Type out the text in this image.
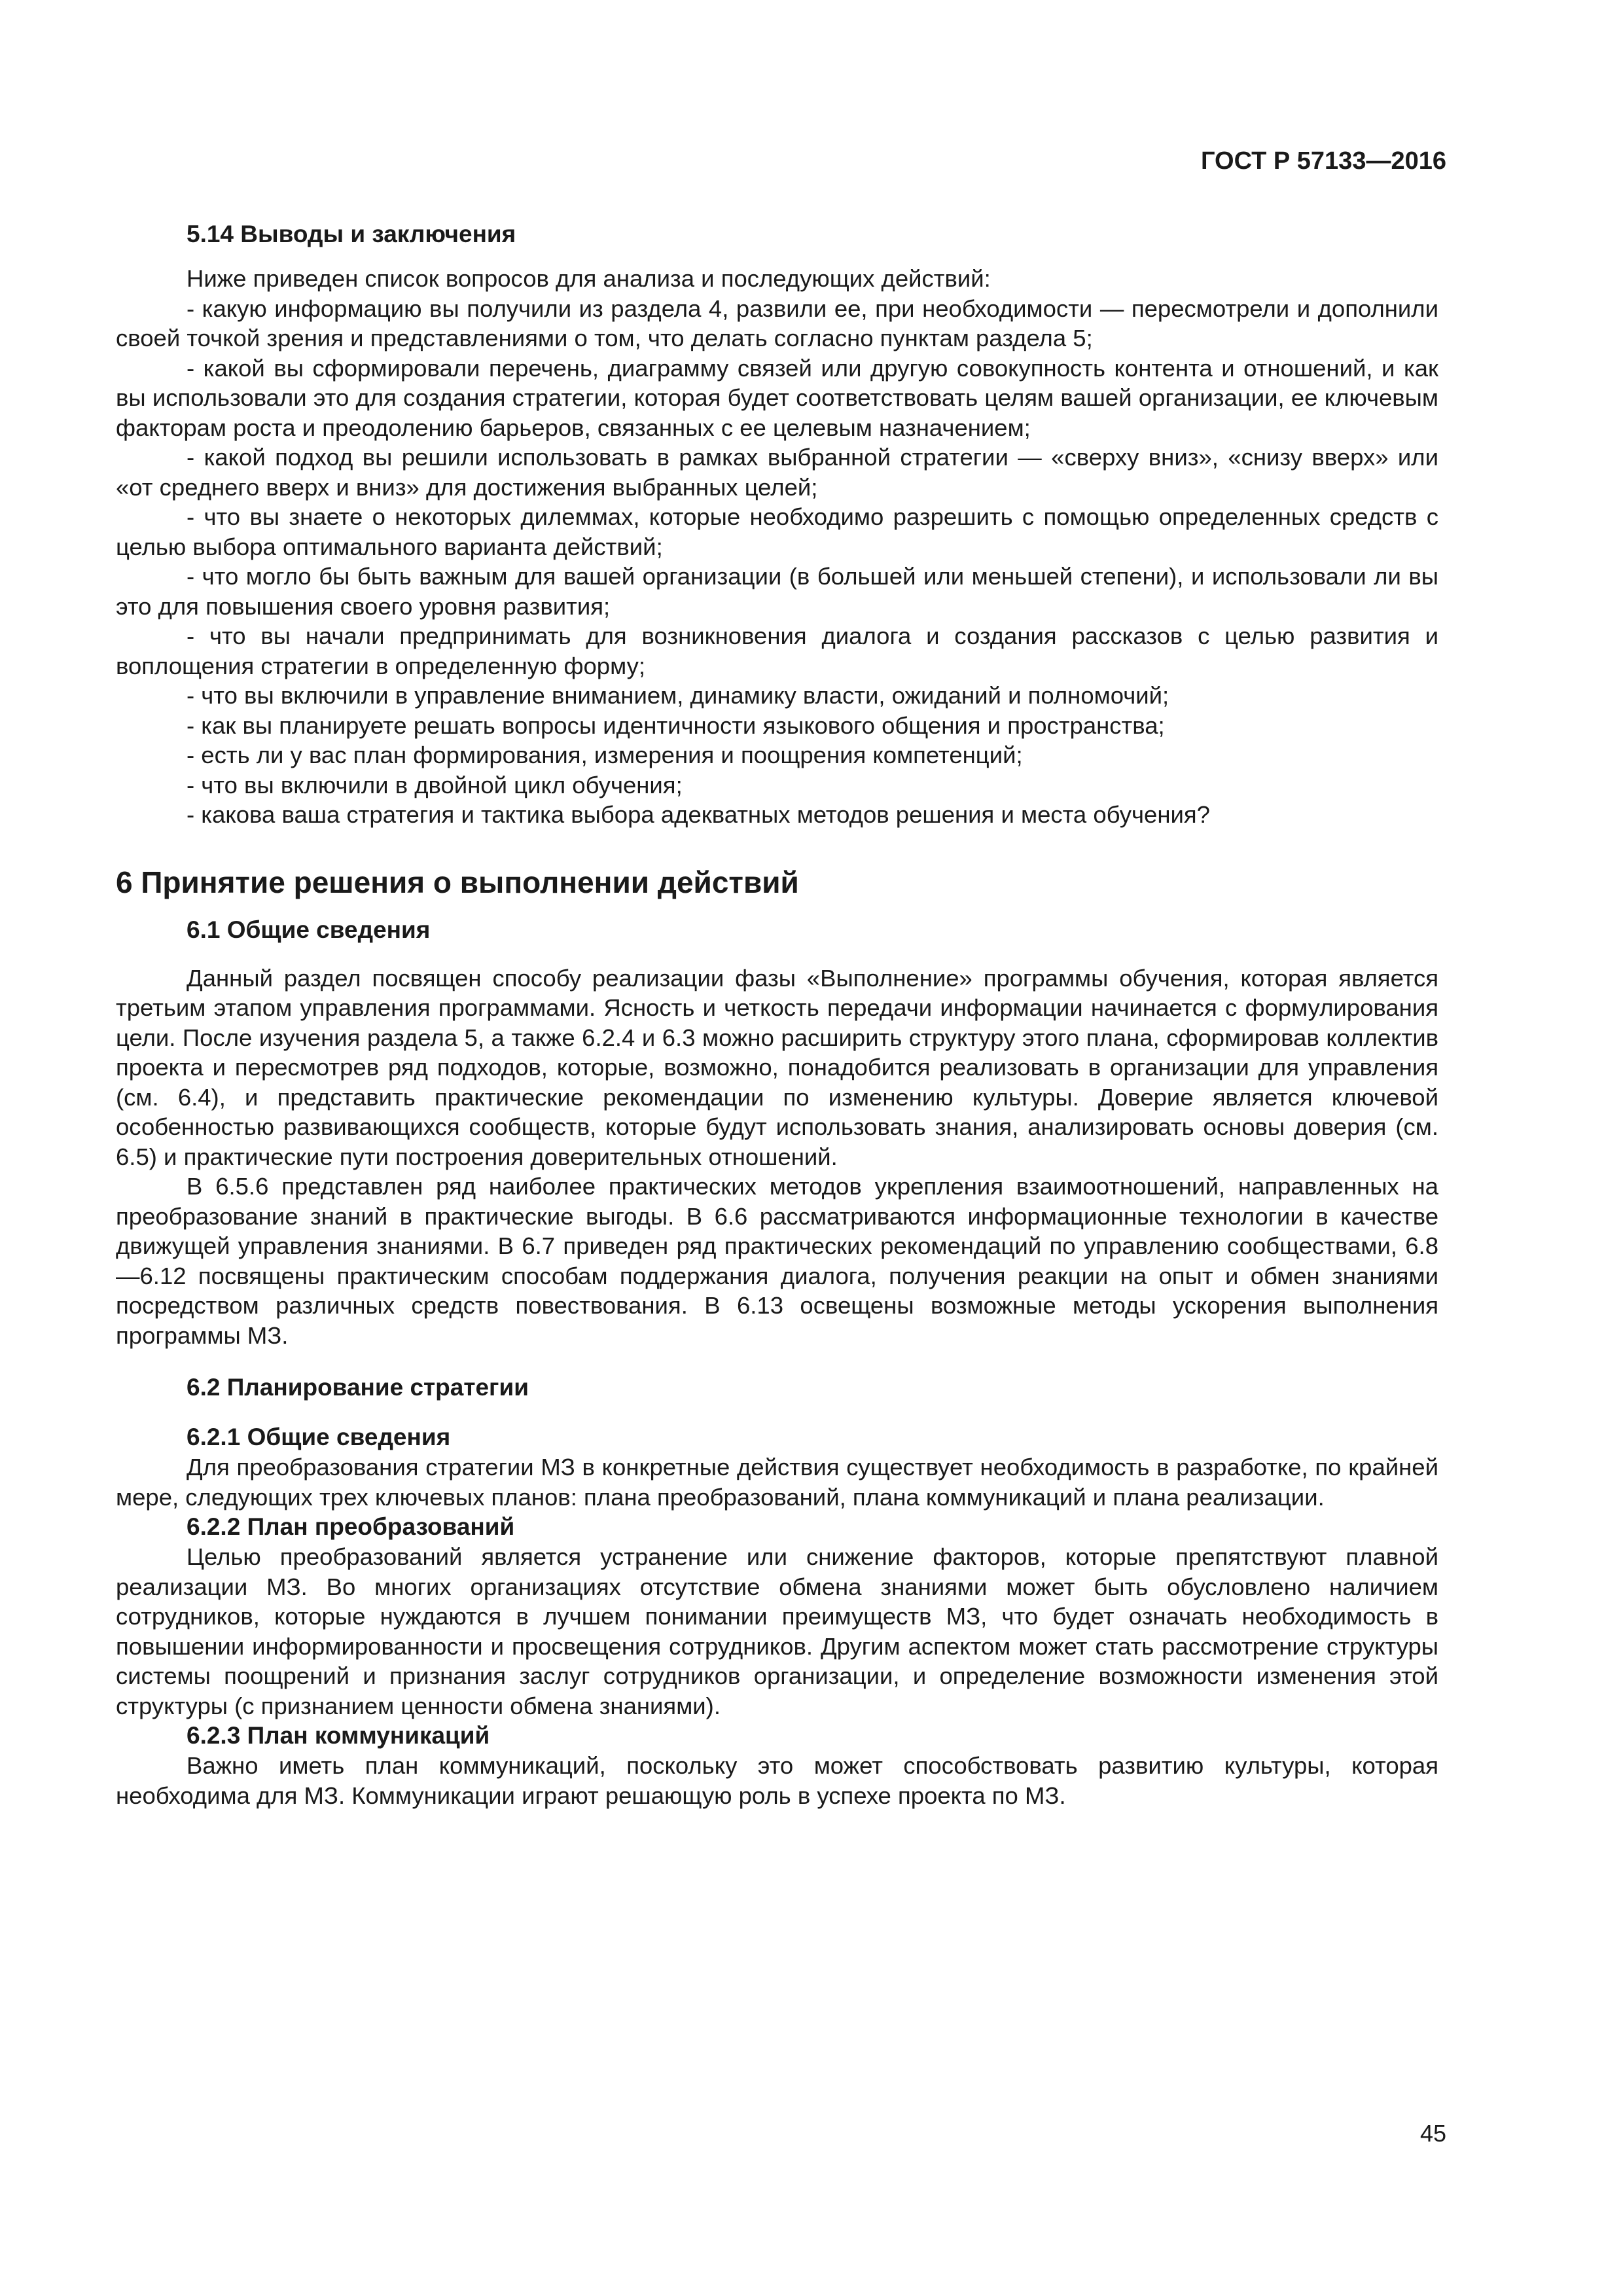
ГОСТ Р 57133—2016
5.14 Выводы и заключения

Ниже приведен список вопросов для анализа и последующих действий:

- какую информацию вы получили из раздела 4, развили ее, при необходимости — пересмотрели и дополнили своей точкой зрения и представлениями о том, что делать согласно пунктам раздела 5;

- какой вы сформировали перечень, диаграмму связей или другую совокупность контента и отношений, и как вы использовали это для создания стратегии, которая будет соответствовать целям вашей организации, ее ключевым факторам роста и преодолению барьеров, связанных с ее целевым назначением;

- какой подход вы решили использовать в рамках выбранной стратегии — «сверху вниз», «снизу вверх» или «от среднего вверх и вниз» для достижения выбранных целей;

- что вы знаете о некоторых дилеммах, которые необходимо разрешить с помощью определенных средств с целью выбора оптимального варианта действий;

- что могло бы быть важным для вашей организации (в большей или меньшей степени), и использовали ли вы это для повышения своего уровня развития;

- что вы начали предпринимать для возникновения диалога и создания рассказов с целью развития и воплощения стратегии в определенную форму;

- что вы включили в управление вниманием, динамику власти, ожиданий и полномочий;

- как вы планируете решать вопросы идентичности языкового общения и пространства;

- есть ли у вас план формирования, измерения и поощрения компетенций;

- что вы включили в двойной цикл обучения;

- какова ваша стратегия и тактика выбора адекватных методов решения и места обучения?

6 Принятие решения о выполнении действий
6.1 Общие сведения

Данный раздел посвящен способу реализации фазы «Выполнение» программы обучения, которая является третьим этапом управления программами. Ясность и четкость передачи информации начинается с формулирования цели. После изучения раздела 5, а также 6.2.4 и 6.3 можно расширить структуру этого плана, сформировав коллектив проекта и пересмотрев ряд подходов, которые, возможно, понадобится реализовать в организации для управления (см. 6.4), и представить практические рекомендации по изменению культуры. Доверие является ключевой особенностью развивающихся сообществ, которые будут использовать знания, анализировать основы доверия (см. 6.5) и практические пути построения доверительных отношений.

В 6.5.6 представлен ряд наиболее практических методов укрепления взаимоотношений, направленных на преобразование знаний в практические выгоды. В 6.6 рассматриваются информационные технологии в качестве движущей управления знаниями. В 6.7 приведен ряд практических рекомендаций по управлению сообществами, 6.8—6.12 посвящены практическим способам поддержания диалога, получения реакции на опыт и обмен знаниями посредством различных средств повествования. В 6.13 освещены возможные методы ускорения выполнения программы МЗ.

6.2 Планирование стратегии
6.2.1 Общие сведения

Для преобразования стратегии МЗ в конкретные действия существует необходимость в разработке, по крайней мере, следующих трех ключевых планов: плана преобразований, плана коммуникаций и плана реализации.

6.2.2 План преобразований

Целью преобразований является устранение или снижение факторов, которые препятствуют плавной реализации МЗ. Во многих организациях отсутствие обмена знаниями может быть обусловлено наличием сотрудников, которые нуждаются в лучшем понимании преимуществ МЗ, что будет означать необходимость в повышении информированности и просвещения сотрудников. Другим аспектом может стать рассмотрение структуры системы поощрений и признания заслуг сотрудников организации, и определение возможности изменения этой структуры (с признанием ценности обмена знаниями).

6.2.3 План коммуникаций

Важно иметь план коммуникаций, поскольку это может способствовать развитию культуры, которая необходима для МЗ. Коммуникации играют решающую роль в успехе проекта по МЗ.

45
